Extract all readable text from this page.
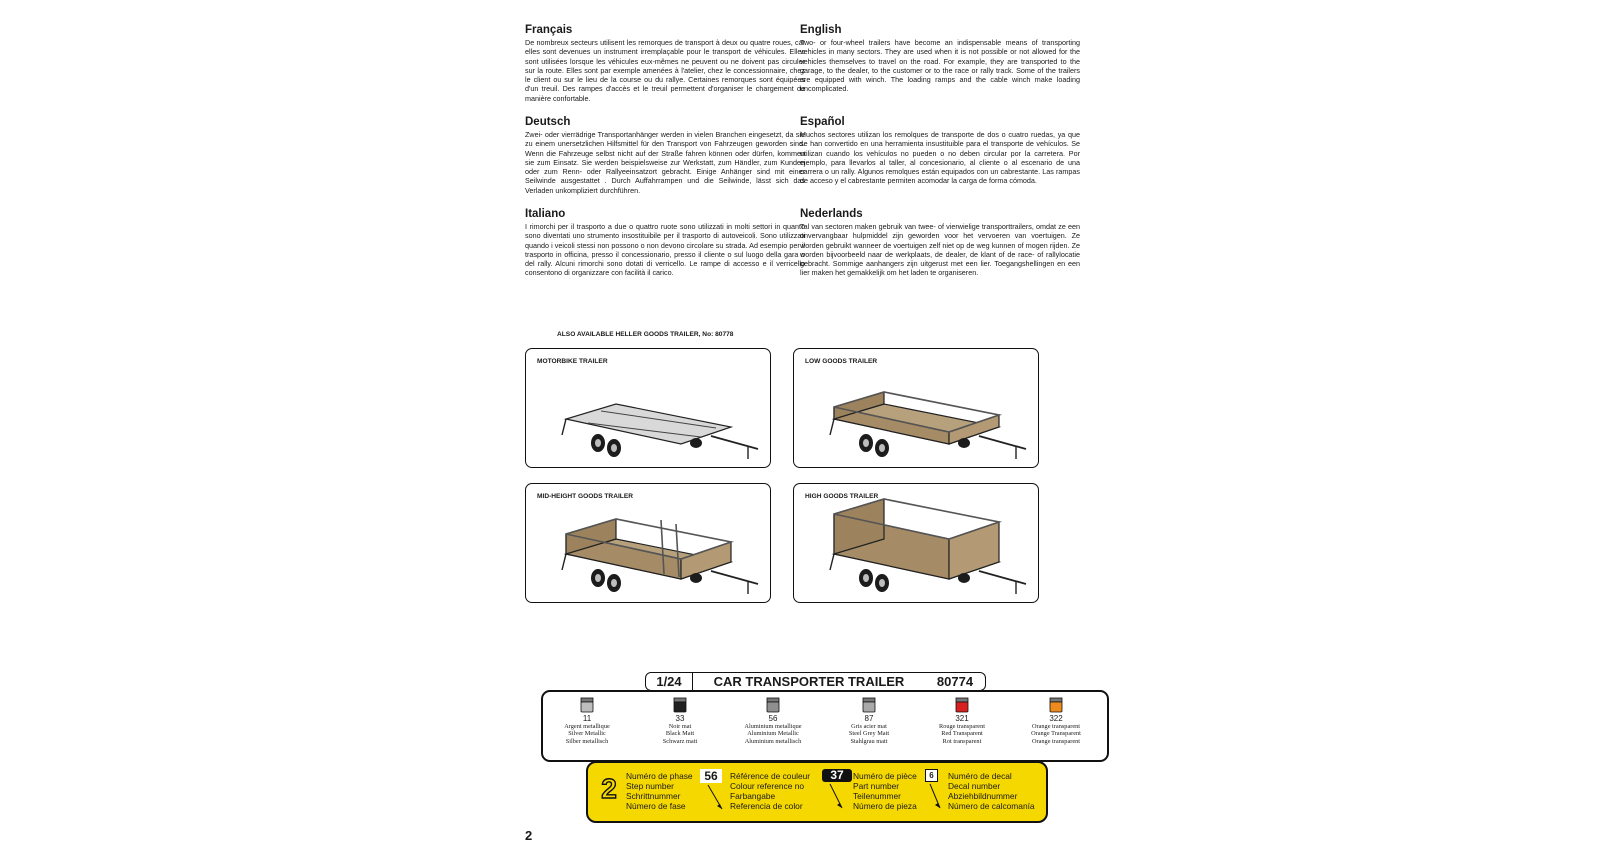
Français

De nombreux secteurs utilisent les remorques de transport à deux ou quatre roues, car elles sont devenues un instrument irremplaçable pour le transport de véhicules. Elles sont utilisées lorsque les véhicules eux-mêmes ne peuvent ou ne doivent pas circuler sur la route. Elles sont par exemple amenées à l'atelier, chez le concessionnaire, chez le client ou sur le lieu de la course ou du rallye. Certaines remorques sont équipées d'un treuil. Des rampes d'accès et le treuil permettent d'organiser le chargement de manière confortable.

English

Two- or four-wheel trailers have become an indispensable means of transporting vehicles in many sectors. They are used when it is not possible or not allowed for the vehicles themselves to travel on the road. For example, they are transported to the garage, to the dealer, to the customer or to the race or rally track. Some of the trailers are equipped with winch. The loading ramps and the cable winch make loading uncomplicated.

Deutsch

Zwei- oder vierrädrige Transportanhänger werden in vielen Branchen eingesetzt, da sie zu einem unersetzlichen Hilfsmittel für den Transport von Fahrzeugen geworden sind. Wenn die Fahrzeuge selbst nicht auf der Straße fahren können oder dürfen, kommen sie zum Einsatz. Sie werden beispielsweise zur Werkstatt, zum Händler, zum Kunden oder zum Renn- oder Rallyeeinsatzort gebracht. Einige Anhänger sind mit einer Seilwinde ausgestattet . Durch Auffahrrampen und die Seilwinde, lässt sich das Verladen unkompliziert durchführen.

Español

Muchos sectores utilizan los remolques de transporte de dos o cuatro ruedas, ya que se han convertido en una herramienta insustituible para el transporte de vehículos. Se utilizan cuando los vehículos no pueden o no deben circular por la carretera. Por ejemplo, para llevarlos al taller, al concesionario, al cliente o al escenario de una carrera o un rally. Algunos remolques están equipados con un cabrestante. Las rampas de acceso y el cabrestante permiten acomodar la carga de forma cómoda.

Italiano

I rimorchi per il trasporto a due o quattro ruote sono utilizzati in molti settori in quanto sono diventati uno strumento insostituibile per il trasporto di autoveicoli. Sono utilizzati quando i veicoli stessi non possono o non devono circolare su strada. Ad esempio per il trasporto in officina, presso il concessionario, presso il cliente o sul luogo della gara o del rally. Alcuni rimorchi sono dotati di verricello. Le rampe di accesso e il verricello consentono di organizzare con facilità il carico.

Nederlands

Tal van sectoren maken gebruik van twee- of vierwielige transporttrailers, omdat ze een onvervangbaar hulpmiddel zijn geworden voor het vervoeren van voertuigen. Ze worden gebruikt wanneer de voertuigen zelf niet op de weg kunnen of mogen rijden. Ze worden bijvoorbeeld naar de werkplaats, de dealer, de klant of de race- of rallylocatie gebracht. Sommige aanhangers zijn uitgerust met een lier. Toegangshellingen en een lier maken het gemakkelijk om het laden te organiseren.

ALSO AVAILABLE HELLER GOODS TRAILER, No: 80778
MOTORBIKE TRAILER	LOW GOODS TRAILER
MID-HEIGHT GOODS TRAILER	HIGH GOODS TRAILER
1/24	CAR TRANSPORTER TRAILER	80774
11
Argent metallique
Silver Metallic
Silber metallisch
33
Noir mat
Black Matt
Schwarz matt
56
Aluminium metallique
Aluminium Metallic
Aluminium metallisch
87
Gris acier mat
Steel Grey Matt
Stahlgrau matt
321
Rouge transparent
Red Transparent
Rot transparent
322
Orange transparent
Orange Transparent
Orange transparent
2 Numéro de phase
Step number
Schrittnummer
Número de fase
56	Référence de couleur
Colour reference no
Farbangabe
Referencia de color
37	Numéro de pièce
Part number
Teilenummer
Número de pieza
6	Numéro de decal
Decal number
Abziehbildnummer
Número de calcomanía
2
